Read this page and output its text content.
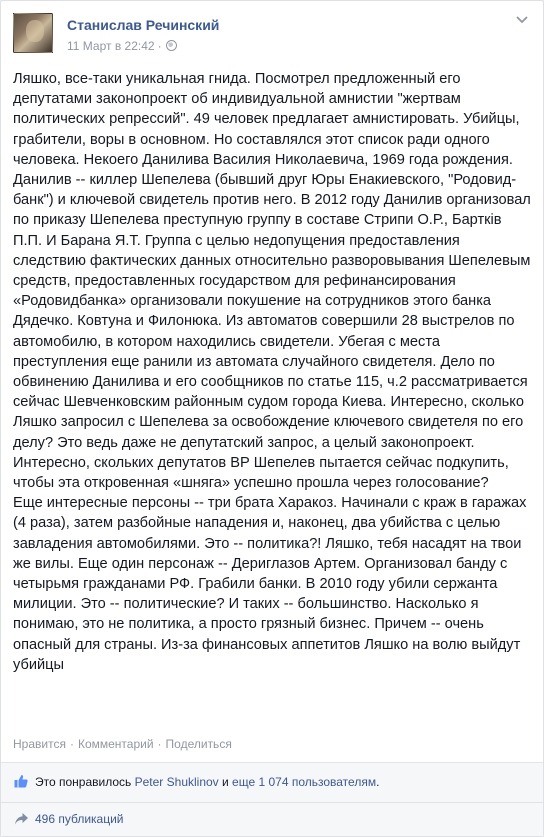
Станислав Речинский
11 Март в 22:42 ·
Ляшко, все-таки уникальная гнида. Посмотрел предложенный его депутатами законопроект об индивидуальной амнистии "жертвам политических репрессий". 49 человек предлагает амнистировать. Убийцы, грабители, воры в основном. Но составлялся этот список ради одного человека. Некоего Данилива Василия Николаевича, 1969 года рождения. Данилив -- киллер Шепелева (бывший друг Юры Енакиевского, "Родовид-банк") и ключевой свидетель против него. В 2012 году Данилив организовал по приказу Шепелева преступную группу в составе Стрипи О.Р., Бартків П.П. И Барана Я.Т. Группа с целью недопущения предоставления следствию фактических данных относительно разворовывания Шепелевым средств, предоставленных государством для рефинансирования «Родовидбанка» организовали покушение на сотрудников этого банка Дядечко. Ковтуна и Филонюка. Из автоматов совершили 28 выстрелов по автомобилю, в котором находились свидетели. Убегая с места преступления еще ранили из автомата случайного свидетеля. Дело по обвинению Данилива и его сообщников по статье 115, ч.2 рассматривается сейчас Шевченковским районным судом города Киева. Интересно, сколько Ляшко запросил с Шепелева за освобождение ключевого свидетеля по его делу? Это ведь даже не депутатский запрос, а целый законопроект. Интересно, скольких депутатов ВР Шепелев пытается сейчас подкупить, чтобы эта откровенная «шняга» успешно прошла через голосование?
Еще интересные персоны -- три брата Харакоз. Начинали с краж в гаражах (4 раза), затем разбойные нападения и, наконец, два убийства с целью завладения автомобилями. Это -- политика?! Ляшко, тебя насадят на твои же вилы. Еще один персонаж -- Дериглазов Артем. Организовал банду с четырьмя гражданами РФ. Грабили банки. В 2010 году убили сержанта милиции. Это -- политические? И таких -- большинство. Насколько я понимаю, это не политика, а просто грязный бизнес. Причем -- очень опасный для страны. Из-за финансовых аппетитов Ляшко на волю выйдут убийцы
Нравится · Комментарий · Поделиться
Это понравилось Peter Shuklinov и еще 1 074 пользователям.
496 публикаций
